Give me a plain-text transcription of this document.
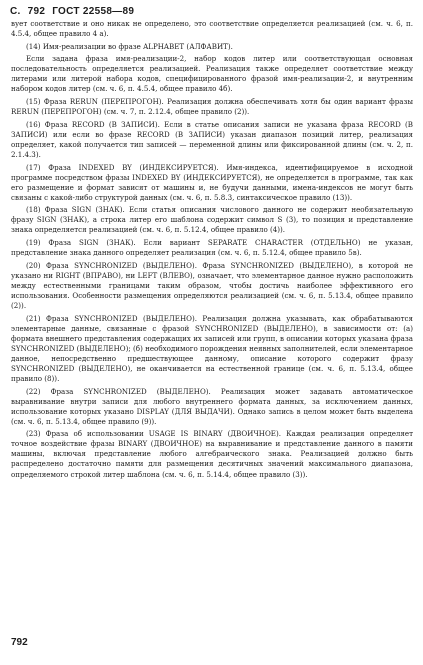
С. 792 ГОСТ 22558—89

вует соответствие и оно никак не определено, это соответствие определяется реализацией (см. ч. 6, п. 4.5.4, общее правило 4 а).

(14) Имя-реализации во фразе ALPHABET (АЛФАВИТ).

Если задана фраза имя-реализации-2, набор кодов литер или соответствующая основная последовательность определяется реализацией. Реализация также определяет соответствие между литерами или литерой набора кодов, специфицированного фразой имя-реализации-2, и внутренним набором кодов литер (см. ч. 6, п. 4.5.4, общее правило 4б).

(15) Фраза RERUN (ПЕРЕПРОГОН). Реализация должна обеспечивать хотя бы один вариант фразы RERUN (ПЕРЕПРОГОН) (см. ч. 7, п. 2.12.4, общее правило (2)).

(16) Фраза RECORD (В ЗАПИСИ). Если в статье описания записи не указана фраза RECORD (В ЗАПИСИ) или если во фразе RECORD (В ЗАПИСИ) указан диапазон позиций литер, реализация определяет, какой получается тип записей — переменной длины или фиксированной длины (см. ч. 2, п. 2.1.4.3).

(17) Фраза INDEXED BY (ИНДЕКСИРУЕТСЯ). Имя-индекса, идентифицируемое в исходной программе посредством фразы INDEXED BY (ИНДЕКСИРУЕТСЯ), не определяется в программе, так как его размещение и формат зависят от машины и, не будучи данными, имена-индексов не могут быть связаны с какой-либо структурой данных (см. ч. 6, п. 5.8.3, синтаксическое правило (13)).

(18) Фраза SIGN (ЗНАК). Если статья описания числового данного не содержит необязательную фразу SIGN (ЗНАК), а строка литер его шаблона содержит символ S (3), то позиция и представление знака определяется реализацией (см. ч. 6, п. 5.12.4, общее правило (4)).

(19) Фраза SIGN (ЗНАК). Если вариант SEPARATE CHARACTER (ОТДЕЛЬНО) не указан, представление знака данного определяет реализация (см. ч. 6, п. 5.12.4, общее правило 5в).

(20) Фраза SYNCHRONIZED (ВЫДЕЛЕНО). Фраза SYNCHRONIZED (ВЫДЕЛЕНО), в которой не указано ни RIGHT (ВПРАВО), ни LEFT (ВЛЕВО), означает, что элементарное данное нужно расположить между естественными границами таким образом, чтобы достичь наиболее эффективного его использования. Особенности размещения определяются реализацией (см. ч. 6, п. 5.13.4, общее правило (2)).

(21) Фраза SYNCHRONIZED (ВЫДЕЛЕНО). Реализация должна указывать, как обрабатываются элементарные данные, связанные с фразой SYNCHRONIZED (ВЫДЕЛЕНО), в зависимости от: (а) формата внешнего представления содержащих их записей или групп, в описании которых указана фраза SYNCHRONIZED (ВЫДЕЛЕНО); (б) необходимого порождения неявных заполнителей, если элементарное данное, непосредственно предшествующее данному, описание которого содержит фразу SYNCHRONIZED (ВЫДЕЛЕНО), не оканчивается на естественной границе (см. ч. 6, п. 5.13.4, общее правило (8)).

(22) Фраза SYNCHRONIZED (ВЫДЕЛЕНО). Реализация может задавать автоматическое выравнивание внутри записи для любого внутреннего формата данных, за исключением данных, использование которых указано DISPLAY (ДЛЯ ВЫДАЧИ). Однако запись в целом может быть выделена (см. ч. 6, п. 5.13.4, общее правило (9)).

(23) Фраза об использовании USAGE IS BINARY (ДВОИЧНОЕ). Каждая реализация определяет точное воздействие фразы BINARY (ДВОИЧНОЕ) на выравнивание и представление данного в памяти машины, включая представление любого алгебраического знака. Реализацией должно быть распределено достаточно памяти для размещения десятичных значений максимального диапазона, определяемого строкой литер шаблона (см. ч. 6, п. 5.14.4, общее правило (3)).

792
